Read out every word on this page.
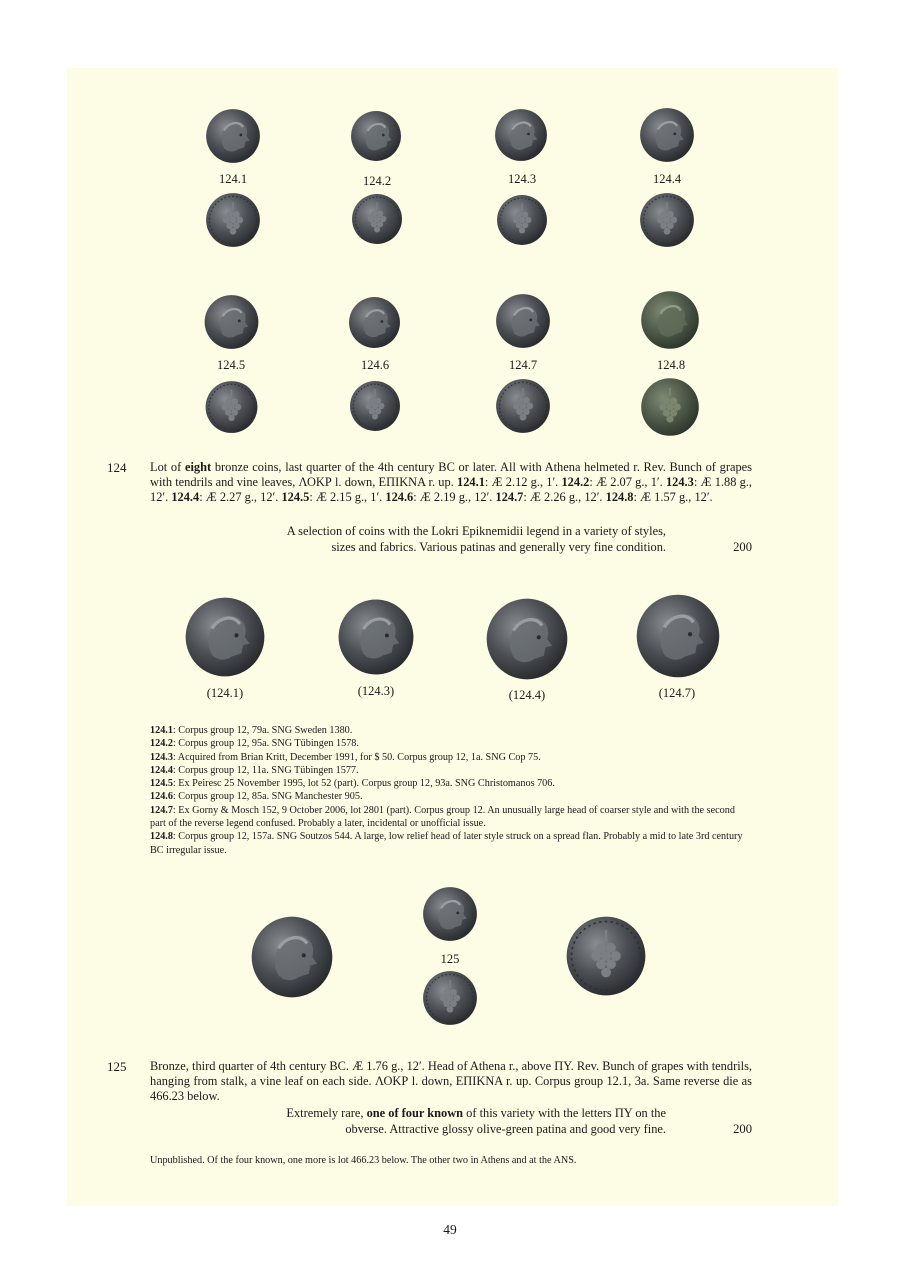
124.1	124.2	124.3	124.4
124.5	124.6	124.7	124.8
124 Lot of eight bronze coins, last quarter of the 4th century BC or later. All with Athena helmeted r. Rev. Bunch of grapes with tendrils and vine leaves, ΛΟΚΡ l. down, ΕΠΙΚΝΑ r. up. 124.1: Æ 2.12 g., 1′. 124.2: Æ 2.07 g., 1′. 124.3: Æ 1.88 g., 12′. 124.4: Æ 2.27 g., 12′. 124.5: Æ 2.15 g., 1′. 124.6: Æ 2.19 g., 12′. 124.7: Æ 2.26 g., 12′. 124.8: Æ 1.57 g., 12′.
A selection of coins with the Lokri Epiknemidii legend in a variety of styles,
sizes and fabrics. Various patinas and generally very fine condition.	200
(124.1)	(124.3)	(124.4)	(124.7)
124.1: Corpus group 12, 79a. SNG Sweden 1380.
124.2: Corpus group 12, 95a. SNG Tübingen 1578.
124.3: Acquired from Brian Kritt, December 1991, for $ 50. Corpus group 12, 1a. SNG Cop 75.
124.4: Corpus group 12, 11a. SNG Tübingen 1577.
124.5: Ex Peiresc 25 November 1995, lot 52 (part). Corpus group 12, 93a. SNG Christomanos 706.
124.6: Corpus group 12, 85a. SNG Manchester 905.
124.7: Ex Gorny & Mosch 152, 9 October 2006, lot 2801 (part). Corpus group 12. An unusually large head of coarser style and with the second part of the reverse legend confused. Probably a later, incidental or unofficial issue.
124.8: Corpus group 12, 157a. SNG Soutzos 544. A large, low relief head of later style struck on a spread flan. Probably a mid to late 3rd century BC irregular issue.
125
125 Bronze, third quarter of 4th century BC. Æ 1.76 g., 12′. Head of Athena r., above ΠΥ. Rev. Bunch of grapes with tendrils, hanging from stalk, a vine leaf on each side. ΛΟΚΡ l. down, ΕΠΙΚΝΑ r. up. Corpus group 12.1, 3a. Same reverse die as 466.23 below.
Extremely rare, one of four known of this variety with the letters ΠΥ on the
obverse. Attractive glossy olive-green patina and good very fine.	200
Unpublished. Of the four known, one more is lot 466.23 below. The other two in Athens and at the ANS.
49
